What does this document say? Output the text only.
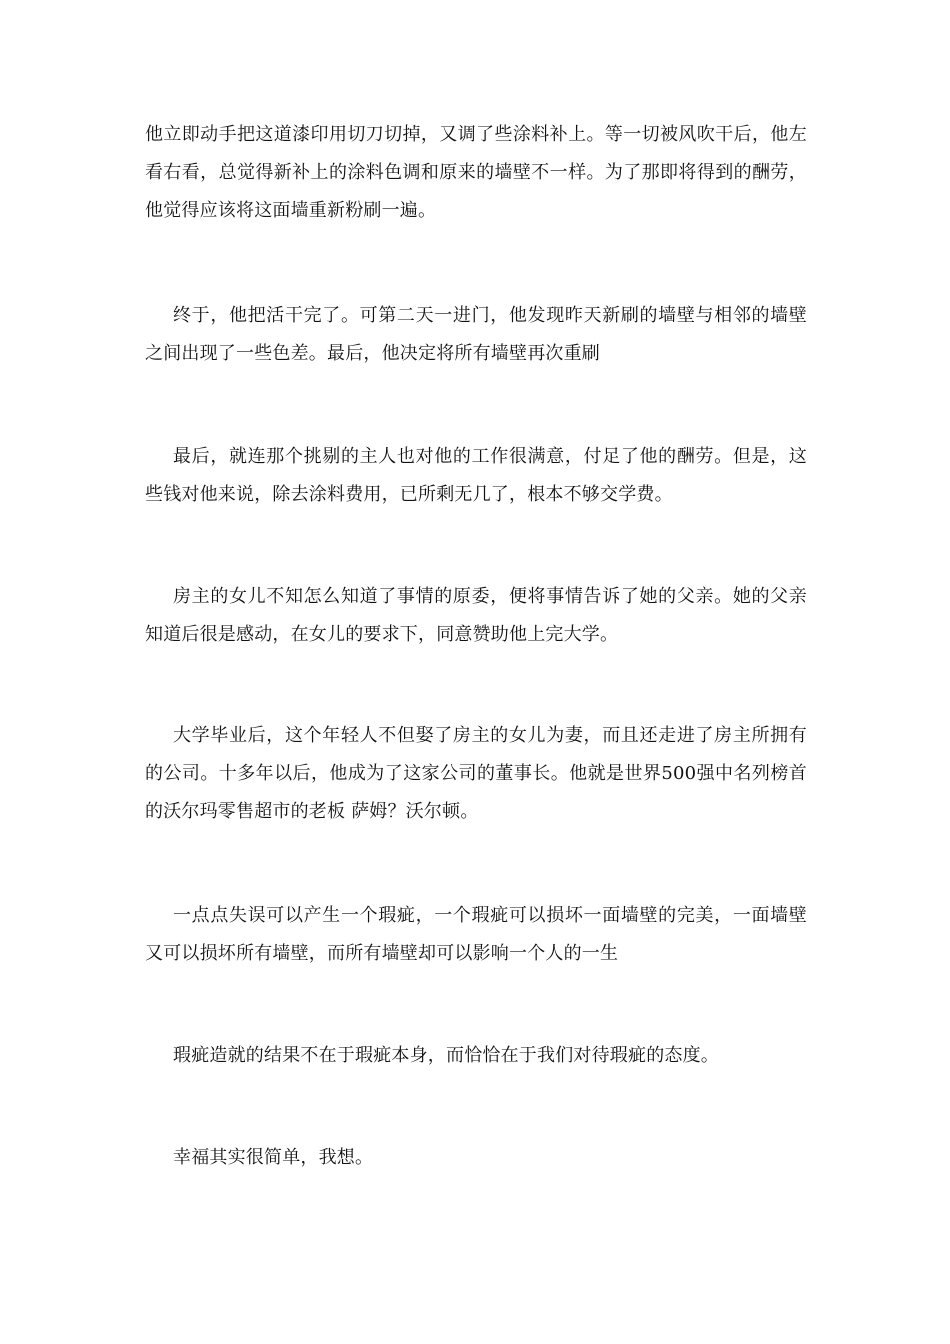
他立即动手把这道漆印用切刀切掉，又调了些涂料补上。等一切被风吹干后，他左看右看，总觉得新补上的涂料色调和原来的墙壁不一样。为了那即将得到的酬劳，他觉得应该将这面墙重新粉刷一遍。

终于，他把活干完了。可第二天一进门，他发现昨天新刷的墙壁与相邻的墙壁之间出现了一些色差。最后，他决定将所有墙壁再次重刷

最后，就连那个挑剔的主人也对他的工作很满意，付足了他的酬劳。但是，这些钱对他来说，除去涂料费用，已所剩无几了，根本不够交学费。

房主的女儿不知怎么知道了事情的原委，便将事情告诉了她的父亲。她的父亲知道后很是感动，在女儿的要求下，同意赞助他上完大学。

大学毕业后，这个年轻人不但娶了房主的女儿为妻，而且还走进了房主所拥有的公司。十多年以后，他成为了这家公司的董事长。他就是世界500强中名列榜首的沃尔玛零售超市的老板 萨姆？沃尔顿。

一点点失误可以产生一个瑕疵，一个瑕疵可以损坏一面墙壁的完美，一面墙壁又可以损坏所有墙壁，而所有墙壁却可以影响一个人的一生

瑕疵造就的结果不在于瑕疵本身，而恰恰在于我们对待瑕疵的态度。

幸福其实很简单，我想。
